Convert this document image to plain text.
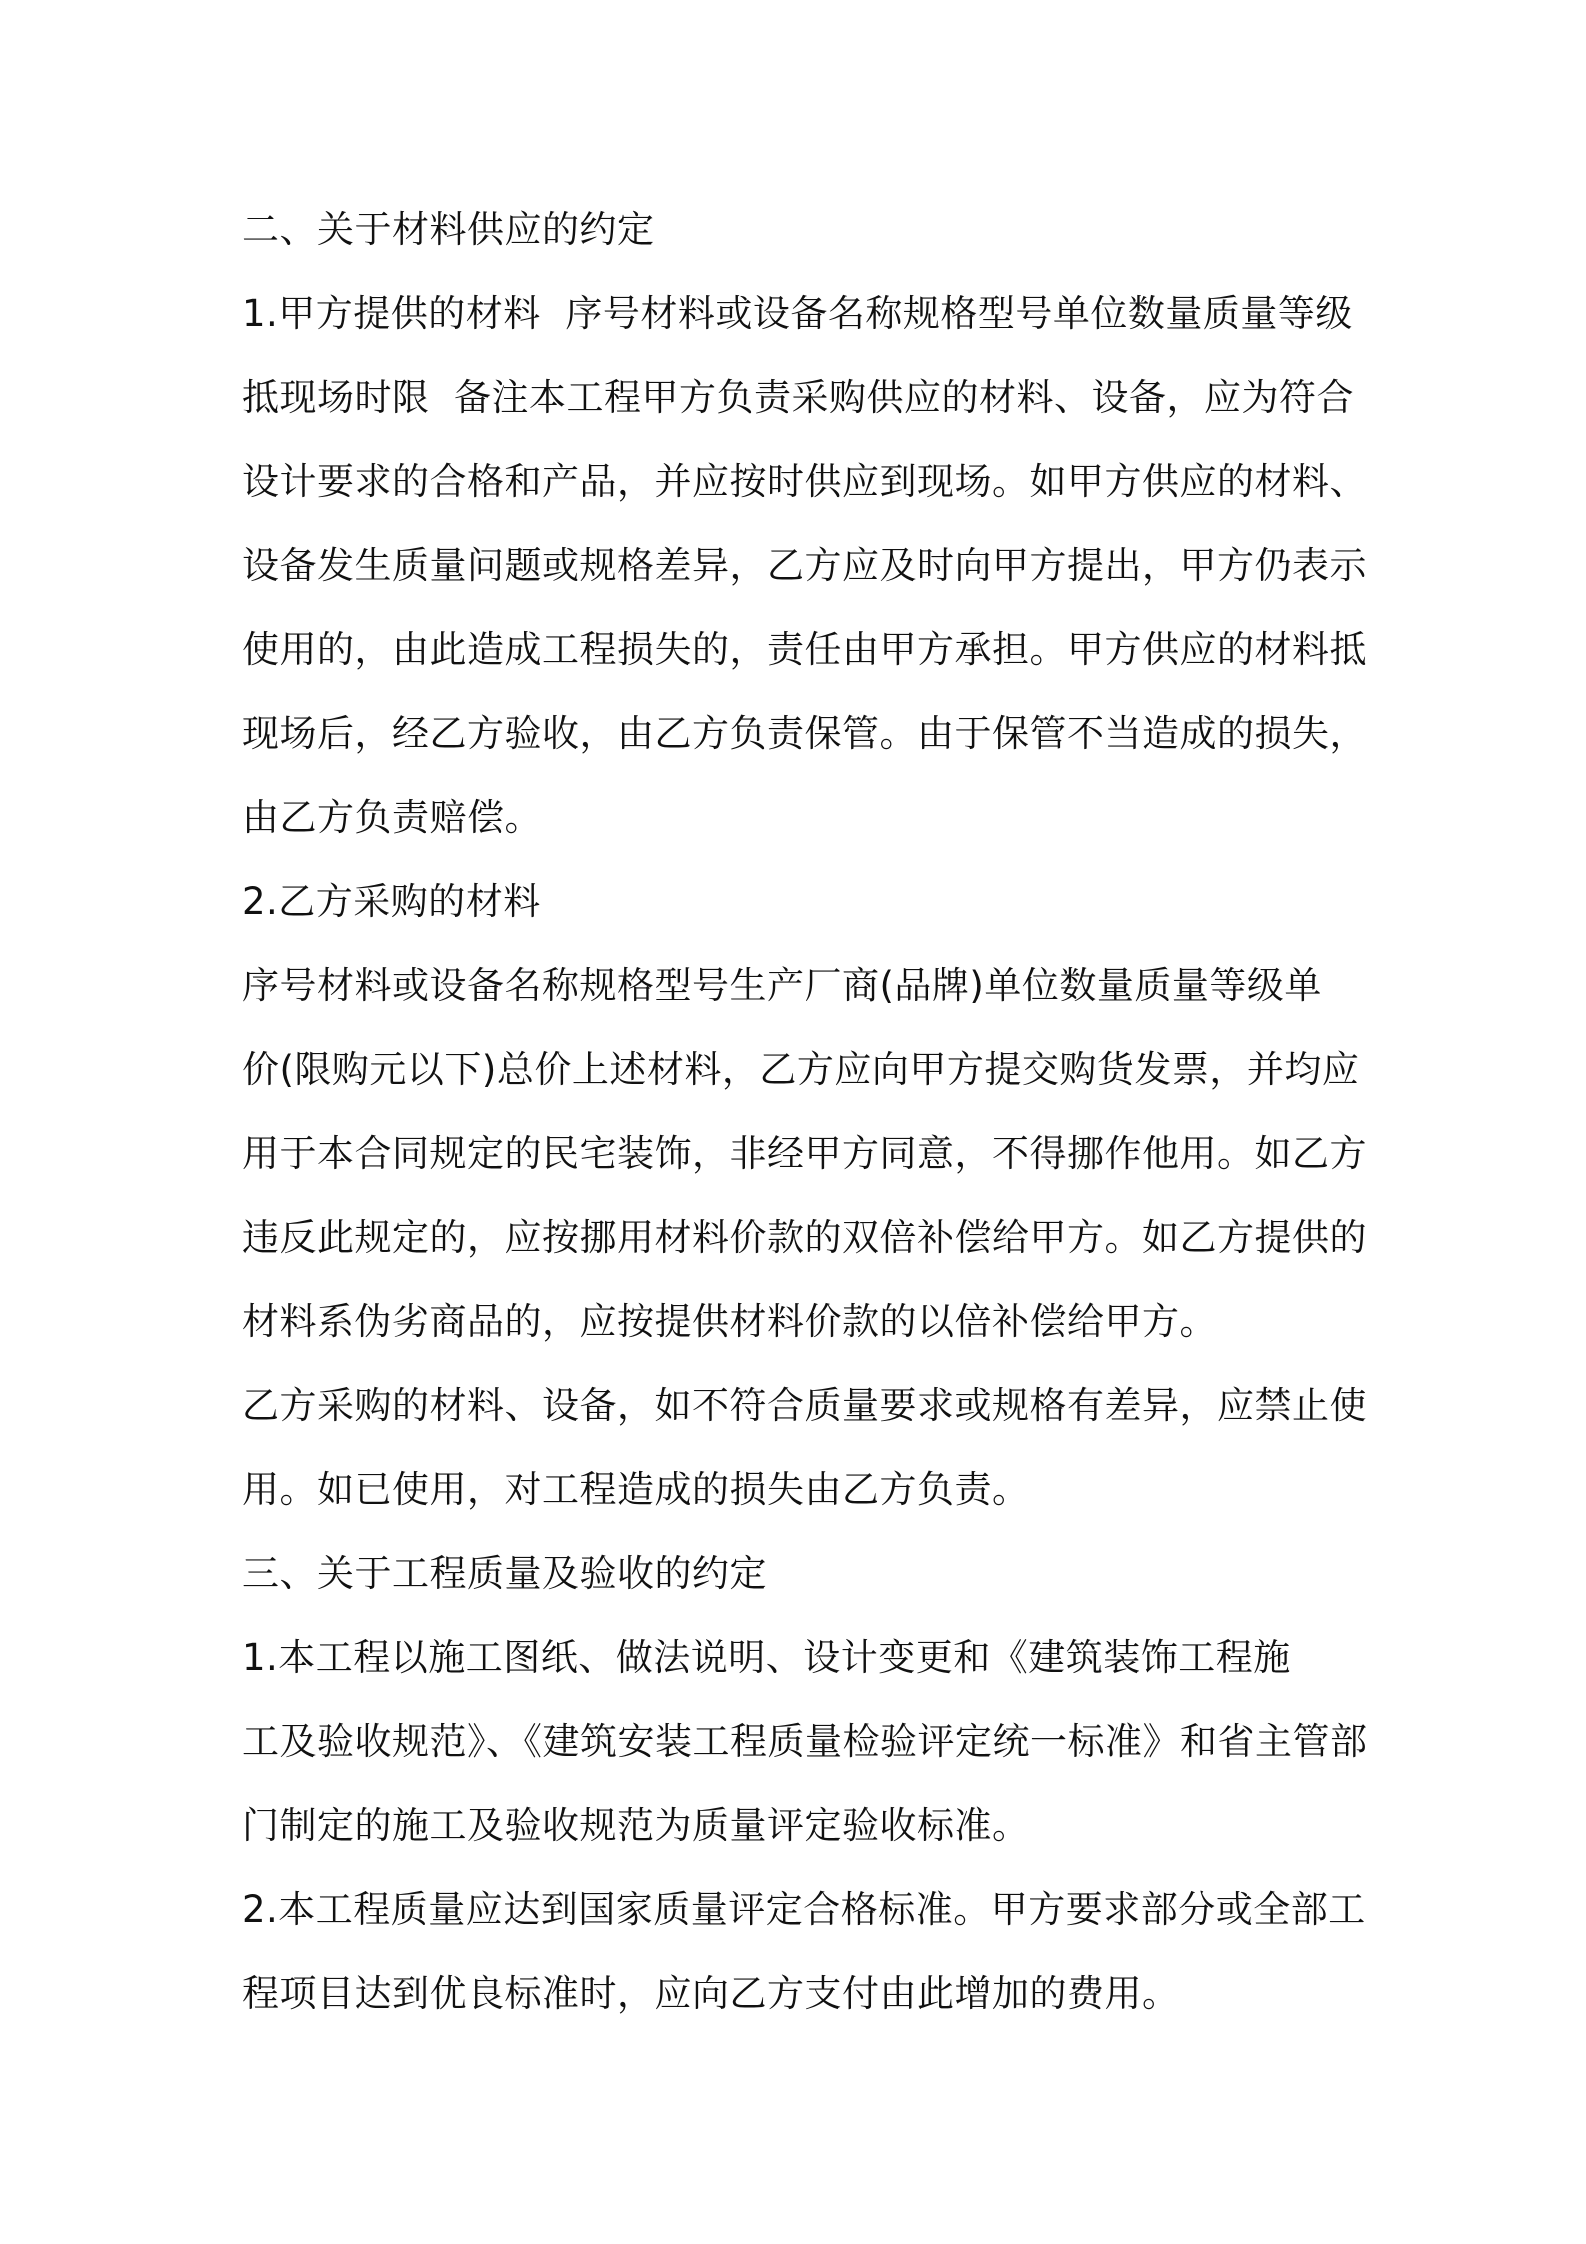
二、关于材料供应的约定
1.甲方提供的材料  序号材料或设备名称规格型号单位数量质量等级
抵现场时限  备注本工程甲方负责采购供应的材料、设备，应为符合
设计要求的合格和产品，并应按时供应到现场。如甲方供应的材料、
设备发生质量问题或规格差异，乙方应及时向甲方提出，甲方仍表示
使用的，由此造成工程损失的，责任由甲方承担。甲方供应的材料抵
现场后，经乙方验收，由乙方负责保管。由于保管不当造成的损失，
由乙方负责赔偿。
2.乙方采购的材料
序号材料或设备名称规格型号生产厂商(品牌)单位数量质量等级单
价(限购元以下)总价上述材料，乙方应向甲方提交购货发票，并均应
用于本合同规定的民宅装饰，非经甲方同意，不得挪作他用。如乙方
违反此规定的，应按挪用材料价款的双倍补偿给甲方。如乙方提供的
材料系伪劣商品的，应按提供材料价款的以倍补偿给甲方。
乙方采购的材料、设备，如不符合质量要求或规格有差异，应禁止使
用。如已使用，对工程造成的损失由乙方负责。
三、关于工程质量及验收的约定
1.本工程以施工图纸、做法说明、设计变更和《建筑装饰工程施
工及验收规范》、《建筑安装工程质量检验评定统一标准》和省主管部
门制定的施工及验收规范为质量评定验收标准。
2.本工程质量应达到国家质量评定合格标准。甲方要求部分或全部工
程项目达到优良标准时，应向乙方支付由此增加的费用。
